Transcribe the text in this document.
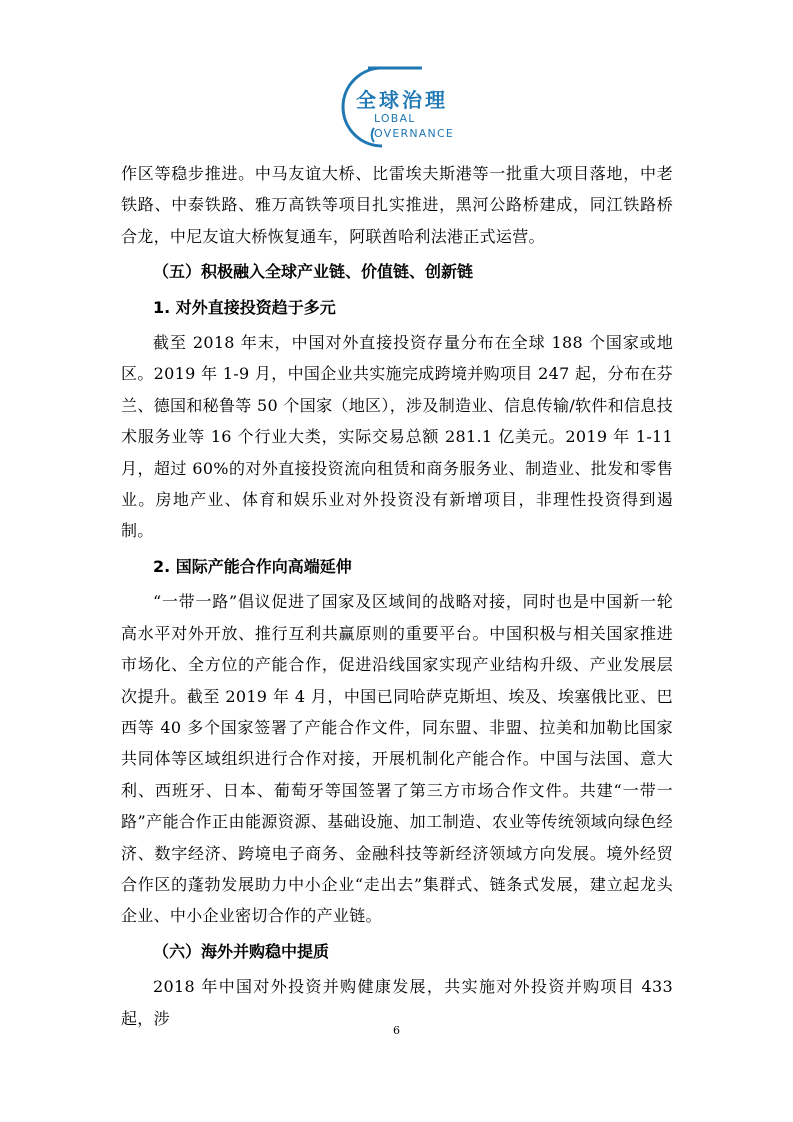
全球治理
LOBAL
OVERNANCE

作区等稳步推进。中马友谊大桥、比雷埃夫斯港等一批重大项目落地，中老铁路、中泰铁路、雅万高铁等项目扎实推进，黑河公路桥建成，同江铁路桥合龙，中尼友谊大桥恢复通车，阿联酋哈利法港正式运营。

（五）积极融入全球产业链、价值链、创新链
1. 对外直接投资趋于多元

截至 2018 年末，中国对外直接投资存量分布在全球 188 个国家或地区。2019 年 1-9 月，中国企业共实施完成跨境并购项目 247 起，分布在芬兰、德国和秘鲁等 50 个国家（地区），涉及制造业、信息传输/软件和信息技术服务业等 16 个行业大类，实际交易总额 281.1 亿美元。2019 年 1-11 月，超过 60%的对外直接投资流向租赁和商务服务业、制造业、批发和零售业。房地产业、体育和娱乐业对外投资没有新增项目，非理性投资得到遏制。

2. 国际产能合作向高端延伸

“一带一路”倡议促进了国家及区域间的战略对接，同时也是中国新一轮高水平对外开放、推行互利共赢原则的重要平台。中国积极与相关国家推进市场化、全方位的产能合作，促进沿线国家实现产业结构升级、产业发展层次提升。截至 2019 年 4 月，中国已同哈萨克斯坦、埃及、埃塞俄比亚、巴西等 40 多个国家签署了产能合作文件，同东盟、非盟、拉美和加勒比国家共同体等区域组织进行合作对接，开展机制化产能合作。中国与法国、意大利、西班牙、日本、葡萄牙等国签署了第三方市场合作文件。共建“一带一路”产能合作正由能源资源、基础设施、加工制造、农业等传统领域向绿色经济、数字经济、跨境电子商务、金融科技等新经济领域方向发展。境外经贸合作区的蓬勃发展助力中小企业“走出去”集群式、链条式发展，建立起龙头企业、中小企业密切合作的产业链。

（六）海外并购稳中提质

2018 年中国对外投资并购健康发展，共实施对外投资并购项目 433 起，涉

6
